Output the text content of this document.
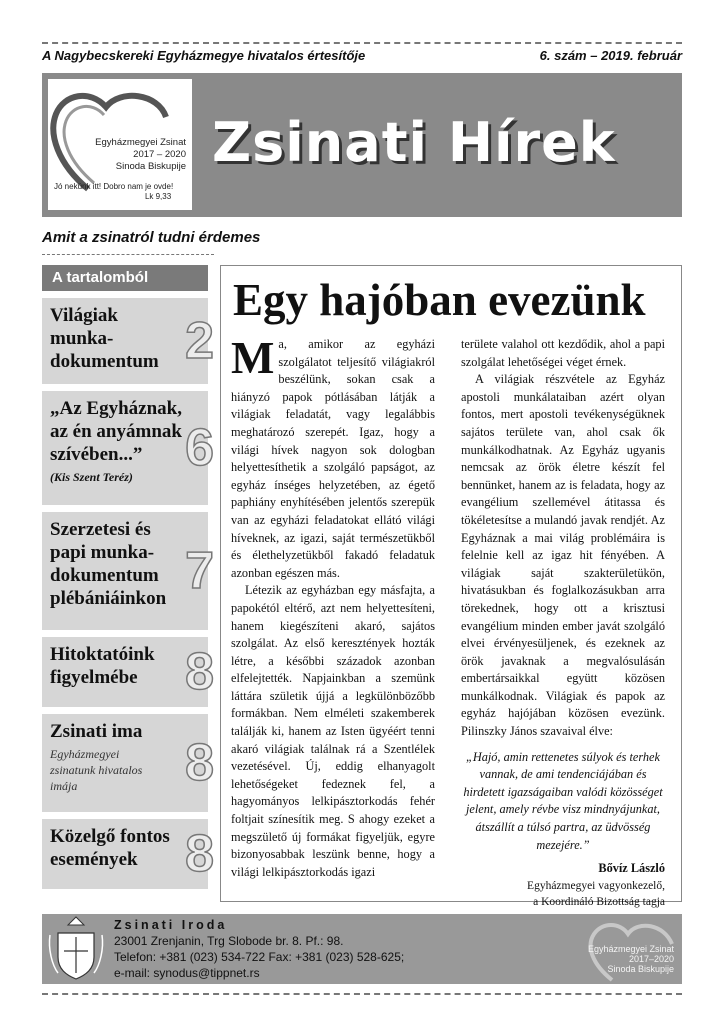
A Nagybecskereki Egyházmegye hivatalos értesítője	6. szám – 2019. február
Egyházmegyei Zsinat
2017 – 2020
Sinoda Biskupije
Jó nekünk itt! Dobro nam je ovde!
Lk 9,33
Zsinati Hírek
Amit a zsinatról tudni érdemes
A tartalomból
Világiak munka-dokumentum 2
„Az Egyháznak, az én anyámnak szívében...”
(Kis Szent Teréz)	6
Szerzetesi és papi munka-dokumentum plébániáinkon 7
Hitoktatóink figyelmébe 8
Zsinati ima
Egyházmegyei zsinatunk hivatalos imája	8
Közelgő fontos események 8
Egy hajóban evezünk

Ma, amikor az egyházi szolgálatot teljesítő világiakról beszélünk, sokan csak a hiányzó papok pótlásában látják a világiak feladatát, vagy legalábbis meghatározó szerepét. Igaz, hogy a világi hívek nagyon sok dologban helyettesíthetik a szolgáló papságot, az egyház ínséges helyzetében, az égető paphiány enyhítésében jelentős szerepük van az egyházi feladatokat ellátó világi híveknek, az igazi, saját természetükből és élethelyzetükből fakadó feladatuk azonban egészen más.

Létezik az egyházban egy másfajta, a papokétól eltérő, azt nem helyettesíteni, hanem kiegészíteni akaró, sajátos szolgálat. Az első keresztények hozták létre, a későbbi századok azonban elfelejtették. Napjainkban a szemünk láttára születik újjá a legkülönbözőbb formákban. Nem elméleti szakemberek találják ki, hanem az Isten ügyéért tenni akaró világiak találnak rá a Szentlélek vezetésével. Új, eddig elhanyagolt lehetőségeket fedeznek fel, a hagyományos lelkipásztorkodás fehér foltjait színesítik meg. S ahogy ezeket a megszülető új formákat figyeljük, egyre bizonyosabbak leszünk benne, hogy a világi lelkipásztorkodás igazi

területe valahol ott kezdődik, ahol a papi szolgálat lehetőségei véget érnek.

A világiak részvétele az Egyház apostoli munkálataiban azért olyan fontos, mert apostoli tevékenységüknek sajátos területe van, ahol csak ők munkálkodhatnak. Az Egyház ugyanis nemcsak az örök életre készít fel bennünket, hanem az is feladata, hogy az evangélium szellemével átitassa és tökéletesítse a mulandó javak rendjét. Az Egyháznak a mai világ problémáira is felelnie kell az igaz hit fényében. A világiak saját szakterületükön, hivatásukban és foglalkozásukban arra törekednek, hogy ott a krisztusi evangélium minden ember javát szolgáló elvei érvényesüljenek, és ezeknek az örök javaknak a megvalósulásán embertársaikkal együtt közösen munkálkodnak. Világiak és papok az egyház hajójában közösen evezünk. Pilinszky János szavaival élve:

„Hajó, amin rettenetes súlyok és terhek vannak, de ami tendenciájában és hirdetett igazságaiban valódi közösséget jelent, amely révbe visz mindnyájunkat, átszállít a túlsó partra, az üdvösség mezejére.”

Bővíz László
Egyházmegyei vagyonkezelő,
a Koordináló Bizottság tagja
Zsinati Iroda
23001 Zrenjanin, Trg Slobode br. 8. Pf.: 98.
Telefon: +381 (023) 534-722 Fax: +381 (023) 528-625;
e-mail: synodus@tippnet.rs
Egyházmegyei Zsinat
2017–2020
Sinoda Biskupije
